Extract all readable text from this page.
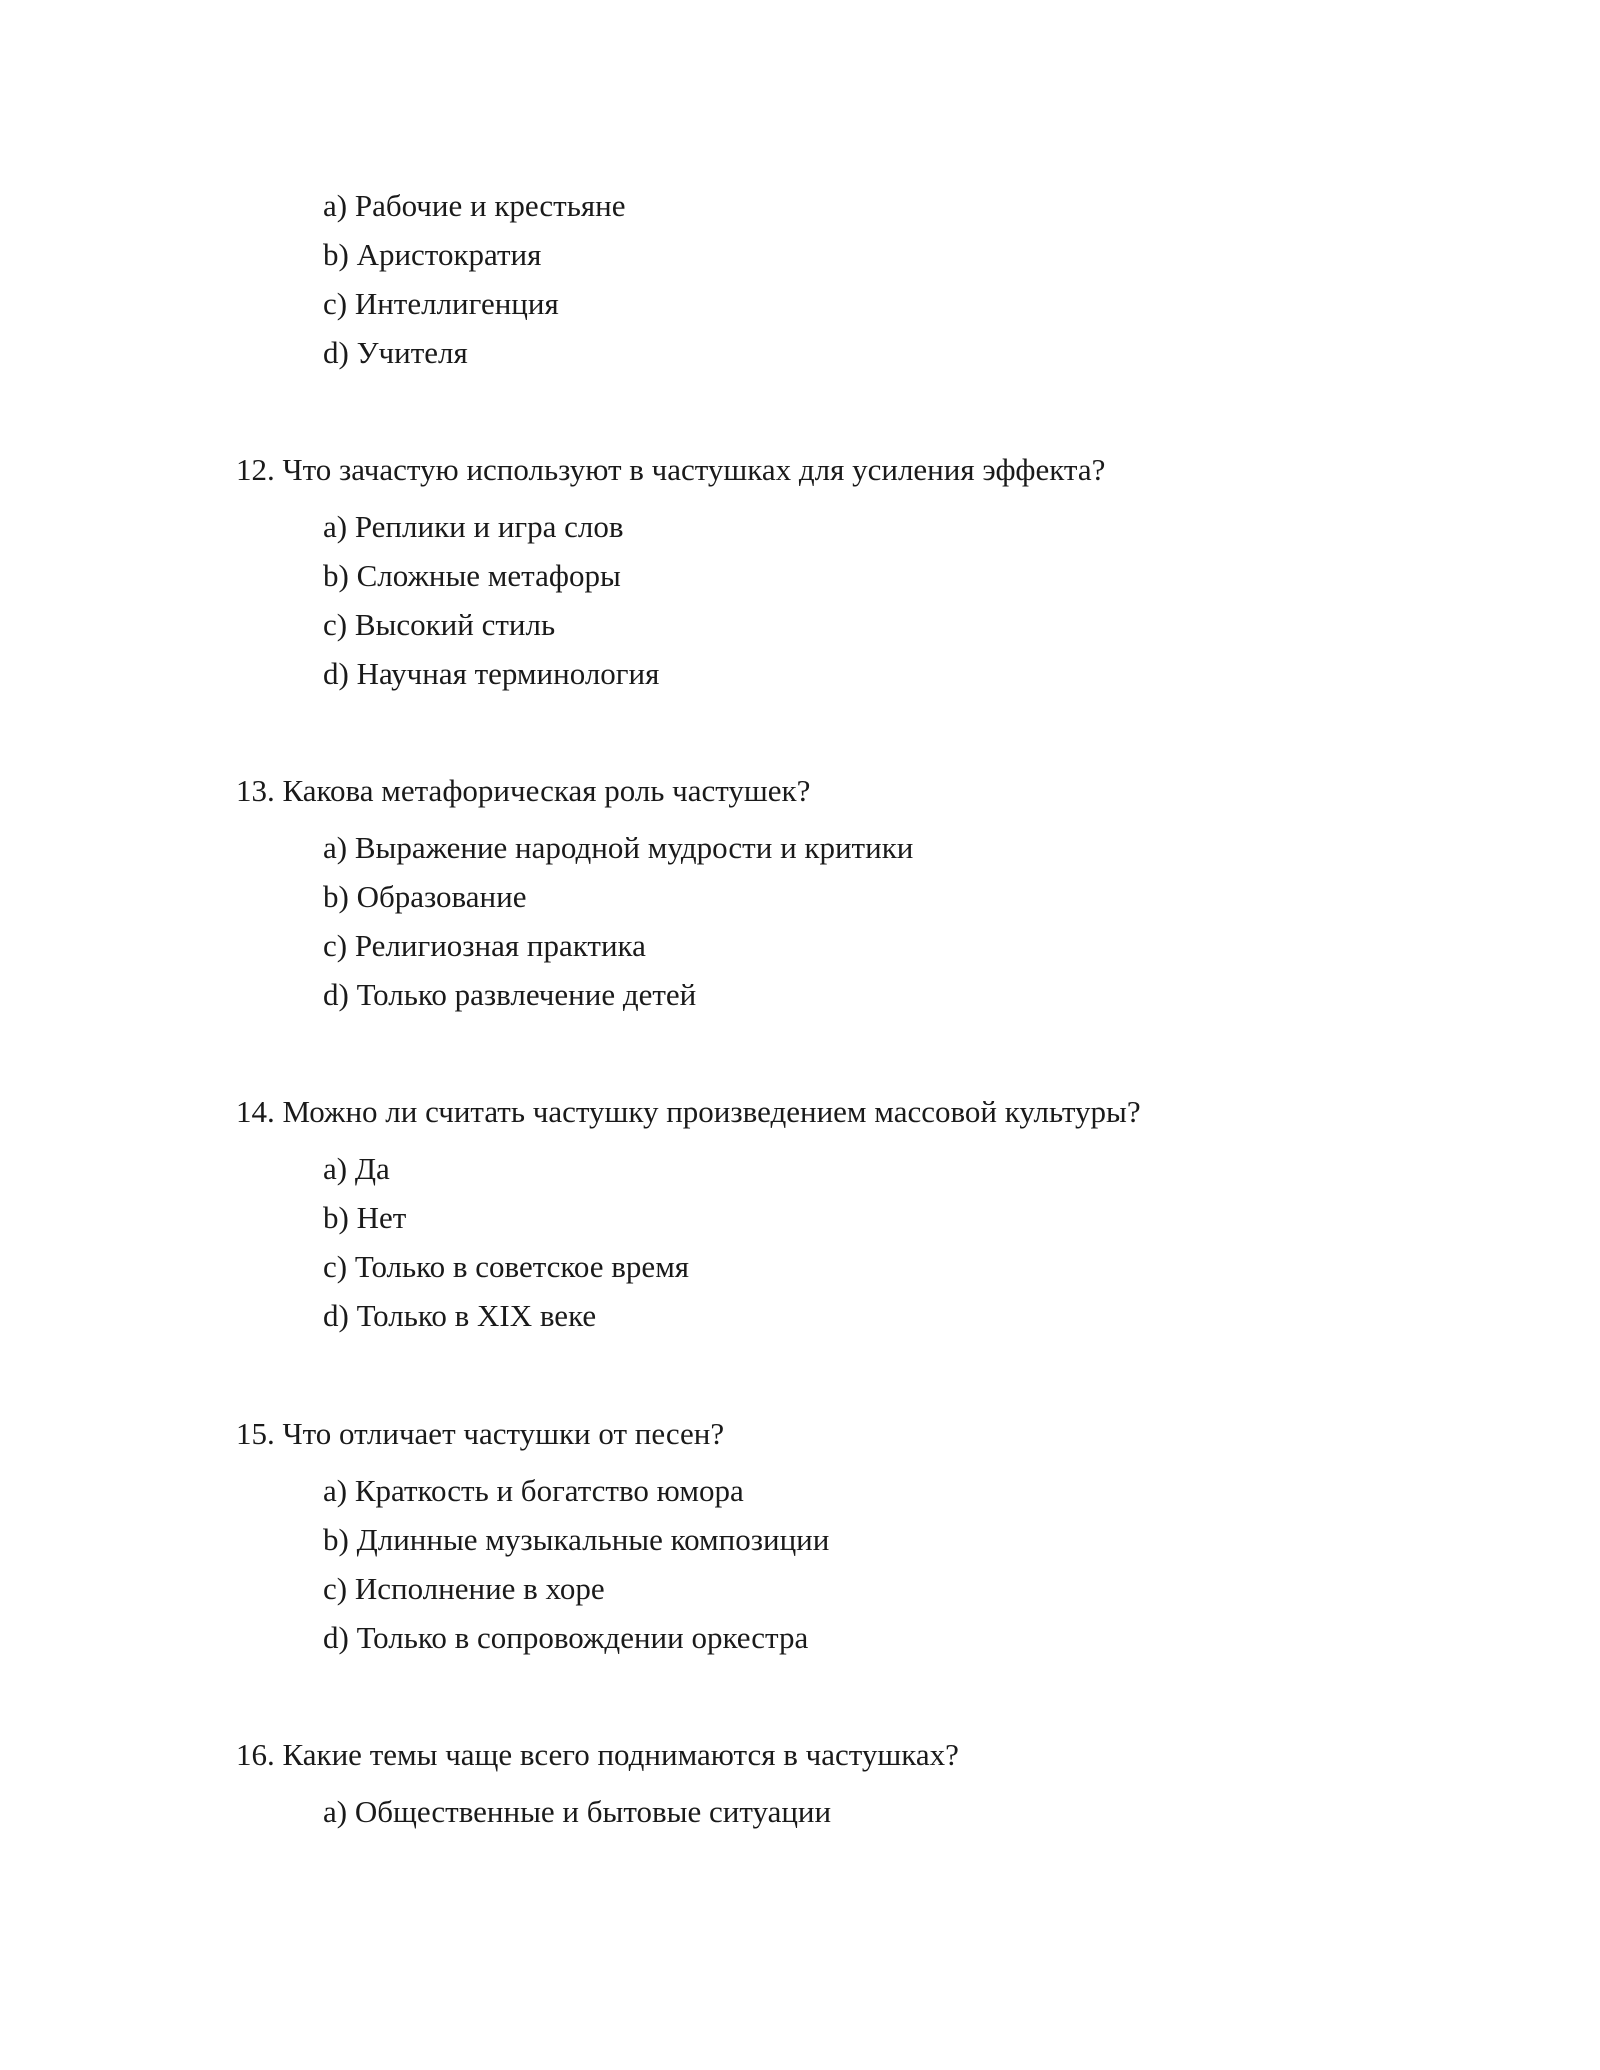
a) Рабочие и крестьяне
b) Аристократия
c) Интеллигенция
d) Учителя
12. Что зачастую используют в частушках для усиления эффекта?
a) Реплики и игра слов
b) Сложные метафоры
c) Высокий стиль
d) Научная терминология
13. Какова метафорическая роль частушек?
a) Выражение народной мудрости и критики
b) Образование
c) Религиозная практика
d) Только развлечение детей
14. Можно ли считать частушку произведением массовой культуры?
a) Да
b) Нет
c) Только в советское время
d) Только в XIX веке
15. Что отличает частушки от песен?
a) Краткость и богатство юмора
b) Длинные музыкальные композиции
c) Исполнение в хоре
d) Только в сопровождении оркестра
16. Какие темы чаще всего поднимаются в частушках?
a) Общественные и бытовые ситуации
